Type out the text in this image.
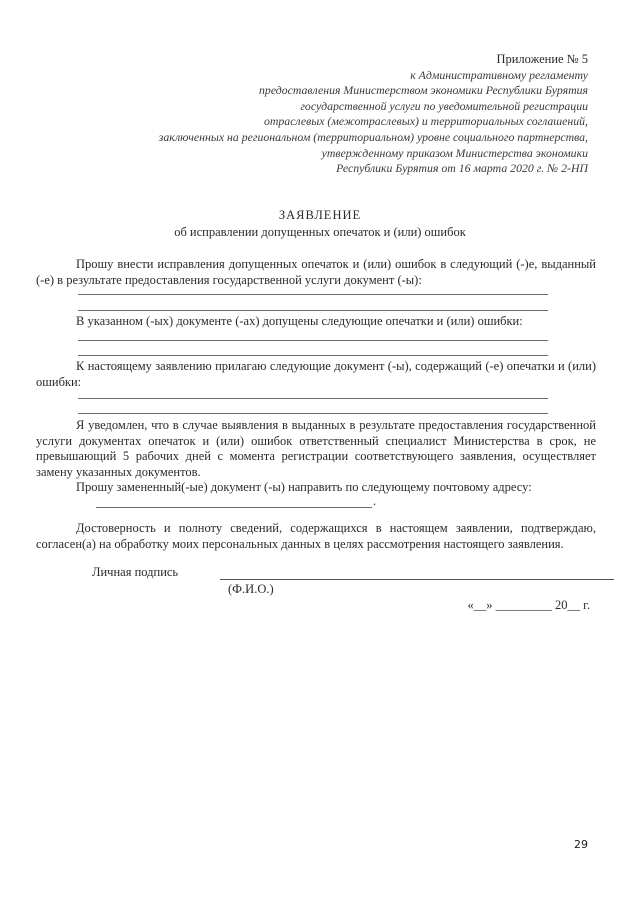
Приложение № 5
к Административному регламенту
предоставления Министерством экономики Республики Бурятия
государственной услуги по уведомительной регистрации
отраслевых (межотраслевых) и территориальных соглашений,
заключенных на региональном (территориальном) уровне социального партнерства,
утвержденному приказом Министерства экономики
Республики Бурятия от 16 марта 2020 г. № 2-НП
ЗАЯВЛЕНИЕ
об исправлении допущенных опечаток и (или) ошибок
Прошу внести исправления допущенных опечаток и (или) ошибок в следующий (-)е, выданный (-е) в результате предоставления государственной услуги документ (-ы):
В указанном (-ых) документе (-ах) допущены следующие опечатки и (или) ошибки:
К настоящему заявлению прилагаю следующие документ (-ы), содержащий (-е) опечатки и (или) ошибки:
Я уведомлен, что в случае выявления в выданных в результате предоставления государственной услуги документах опечаток и (или) ошибок ответственный специалист Министерства в срок, не превышающий 5 рабочих дней с момента регистрации соответствующего заявления, осуществляет замену указанных документов.
Прошу замененный(-ые) документ (-ы) направить по следующему почтовому адресу:
.
Достоверность и полноту сведений, содержащихся в настоящем заявлении, подтверждаю, согласен(а) на обработку моих персональных данных в целях рассмотрения настоящего заявления.
Личная подпись
(Ф.И.О.)
«__» _________ 20__ г.
29
